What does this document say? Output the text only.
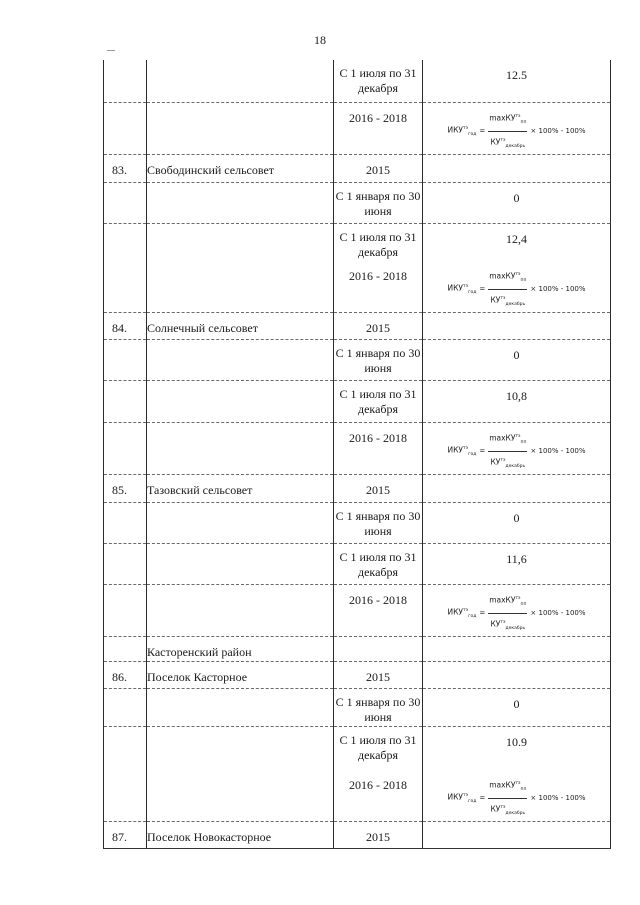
18

		С 1 июля по 31 декабря	12.5

		2016 - 2018	$ИКУ^{тэ}_{год} = \frac{\max КУ^{тэ}_{пп}}{КУ^{тэ}_{декабрь}} \times 100\% - 100\%$

83.	Свободинский сельсовет	2015	

		С 1 января по 30 июня	0

		С 1 июля по 31 декабря	12,4

		2016 - 2018	$ИКУ^{тэ}_{год} = \frac{\max КУ^{тэ}_{пп}}{КУ^{тэ}_{декабрь}} \times 100\% - 100\%$

84.	Солнечный сельсовет	2015	

		С 1 января по 30 июня	0

		С 1 июля по 31 декабря	10,8

		2016 - 2018	$ИКУ^{тэ}_{год} = \frac{\max КУ^{тэ}_{пп}}{КУ^{тэ}_{декабрь}} \times 100\% - 100\%$

85.	Тазовский сельсовет	2015	

		С 1 января по 30 июня	0

		С 1 июля по 31 декабря	11,6

		2016 - 2018	$ИКУ^{тэ}_{год} = \frac{\max КУ^{тэ}_{пп}}{КУ^{тэ}_{декабрь}} \times 100\% - 100\%$

	Касторенский район	

86.	Поселок Касторное	2015	

		С 1 января по 30 июня	0

		С 1 июля по 31 декабря	10.9

		2016 - 2018	$ИКУ^{тэ}_{год} = \frac{\max КУ^{тэ}_{пп}}{КУ^{тэ}_{декабрь}} \times 100\% - 100\%$

87.	Поселок Новокасторное	2015	
